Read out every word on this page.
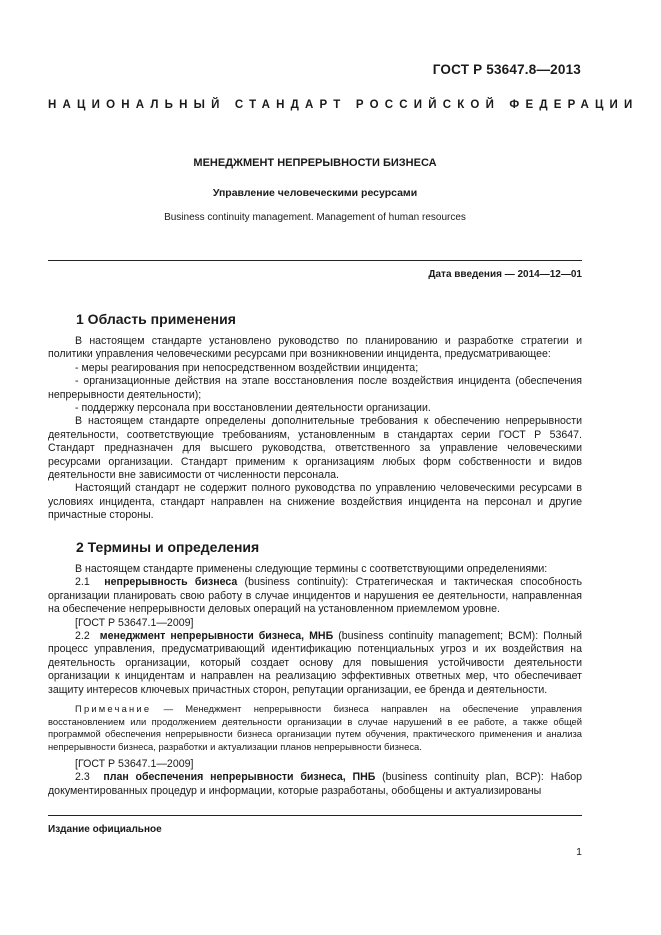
ГОСТ Р 53647.8—2013
НАЦИОНАЛЬНЫЙ СТАНДАРТ РОССИЙСКОЙ ФЕДЕРАЦИИ
МЕНЕДЖМЕНТ НЕПРЕРЫВНОСТИ БИЗНЕСА
Управление человеческими ресурсами
Business continuity management. Management of human resources
Дата введения — 2014—12—01
1 Область применения

В настоящем стандарте установлено руководство по планированию и разработке стратегии и политики управления человеческими ресурсами при возникновении инцидента, предусматривающее:

- меры реагирования при непосредственном воздействии инцидента;

- организационные действия на этапе восстановления после воздействия инцидента (обеспечения непрерывности деятельности);

- поддержку персонала при восстановлении деятельности организации.

В настоящем стандарте определены дополнительные требования к обеспечению непрерывности деятельности, соответствующие требованиям, установленным в стандартах серии ГОСТ Р 53647. Стандарт предназначен для высшего руководства, ответственного за управление человеческими ресурсами организации. Стандарт применим к организациям любых форм собственности и видов деятельности вне зависимости от численности персонала.

Настоящий стандарт не содержит полного руководства по управлению человеческими ресурсами в условиях инцидента, стандарт направлен на снижение воздействия инцидента на персонал и другие причастные стороны.

2 Термины и определения

В настоящем стандарте применены следующие термины с соответствующими определениями:

2.1 непрерывность бизнеса (business continuity): Стратегическая и тактическая способность организации планировать свою работу в случае инцидентов и нарушения ее деятельности, направленная на обеспечение непрерывности деловых операций на установленном приемлемом уровне.

[ГОСТ Р 53647.1—2009]

2.2 менеджмент непрерывности бизнеса, МНБ (business continuity management; BCM): Полный процесс управления, предусматривающий идентификацию потенциальных угроз и их воздействия на деятельность организации, который создает основу для повышения устойчивости деятельности организации к инцидентам и направлен на реализацию эффективных ответных мер, что обеспечивает защиту интересов ключевых причастных сторон, репутации организации, ее бренда и деятельности.

Примечание — Менеджмент непрерывности бизнеса направлен на обеспечение управления восстановлением или продолжением деятельности организации в случае нарушений в ее работе, а также общей программой обеспечения непрерывности бизнеса организации путем обучения, практического применения и анализа непрерывности бизнеса, разработки и актуализации планов непрерывности бизнеса.

[ГОСТ Р 53647.1—2009]

2.3 план обеспечения непрерывности бизнеса, ПНБ (business continuity plan, BCP): Набор документированных процедур и информации, которые разработаны, обобщены и актуализированы

Издание официальное
1
